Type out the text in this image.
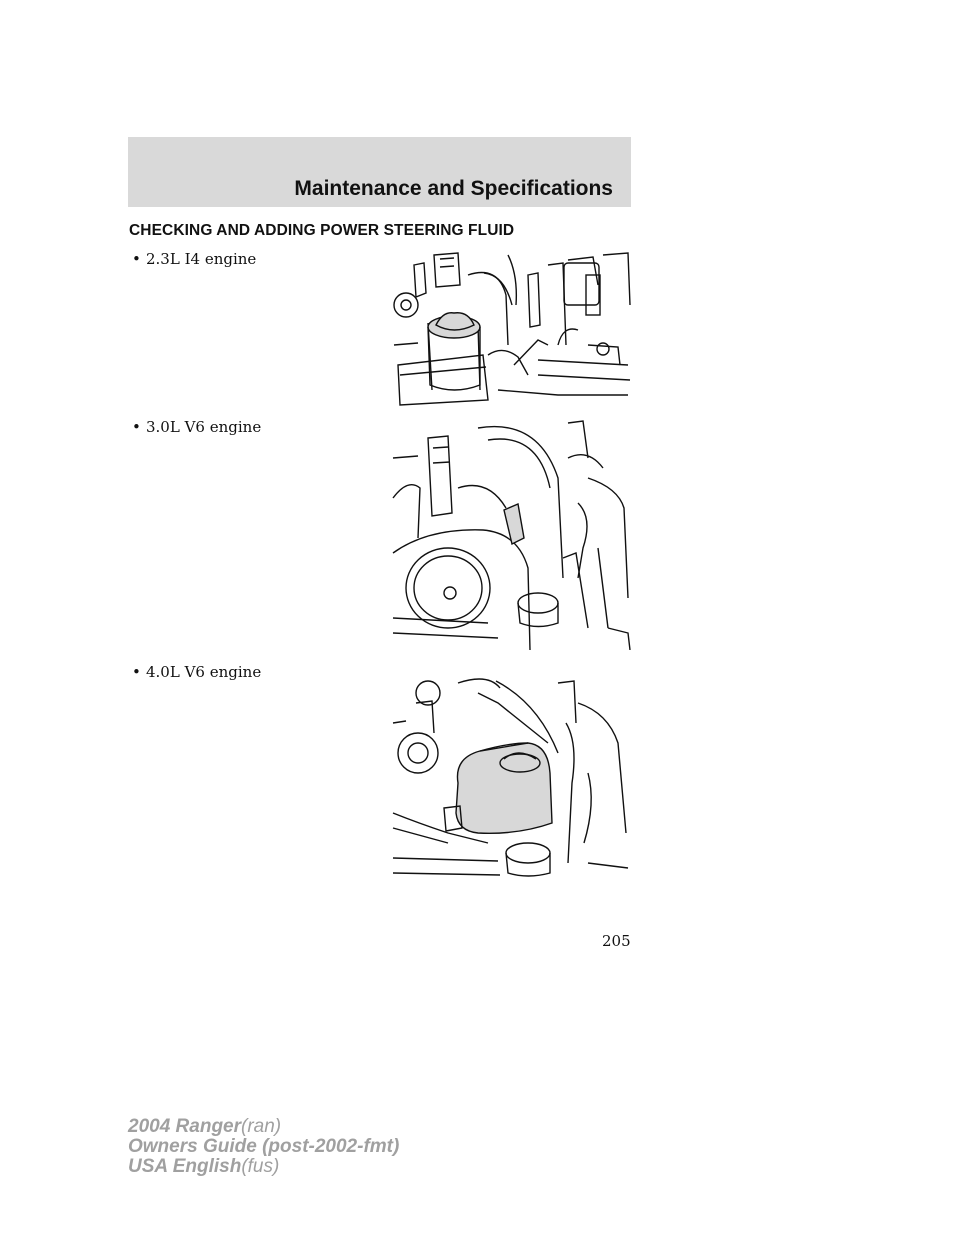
Maintenance and Specifications
CHECKING AND ADDING POWER STEERING FLUID
• 2.3L I4 engine
• 3.0L V6 engine
• 4.0L V6 engine
205
2004 Ranger(ran)
Owners Guide (post-2002-fmt)
USA English(fus)
